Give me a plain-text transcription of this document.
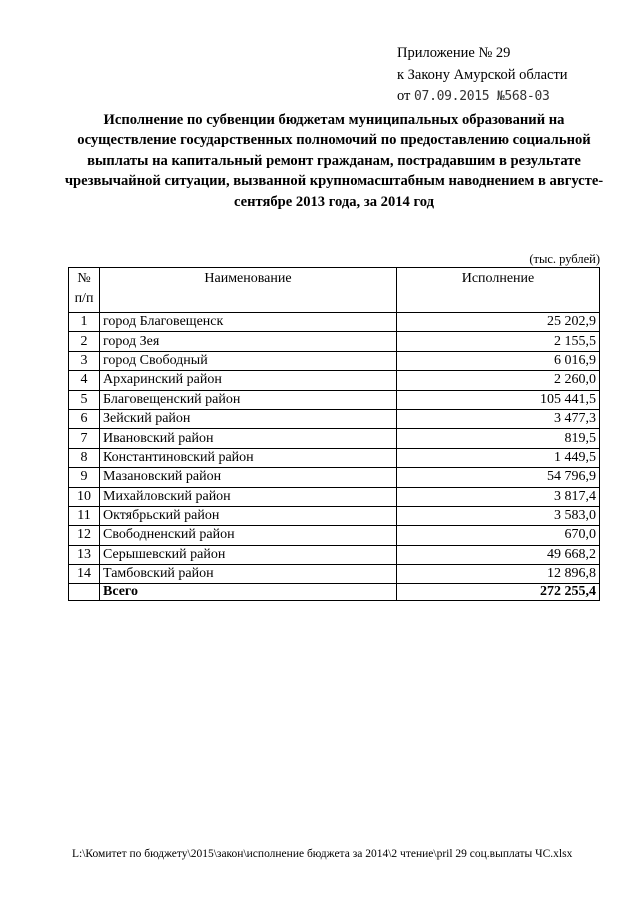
Приложение № 29
к Закону Амурской области
от 07.09.2015 №568-03
Исполнение по субвенции бюджетам муниципальных образований на осуществление государственных полномочий по предоставлению социальной выплаты на капитальный ремонт гражданам, пострадавшим в результате чрезвычайной ситуации, вызванной крупномасштабным наводнением в августе-сентябре 2013 года, за 2014 год
(тыс. рублей)
№
п/п	Наименование	Исполнение
1	город Благовещенск	25 202,9
2	город Зея	2 155,5
3	город Свободный	6 016,9
4	Архаринский район	2 260,0
5	Благовещенский район	105 441,5
6	Зейский район	3 477,3
7	Ивановский район	819,5
8	Константиновский район	1 449,5
9	Мазановский район	54 796,9
10	Михайловский район	3 817,4
11	Октябрьский район	3 583,0
12	Свободненский район	670,0
13	Серышевский район	49 668,2
14	Тамбовский район	12 896,8
	Всего	272 255,4
L:\Комитет по бюджету\2015\закон\исполнение бюджета за 2014\2 чтение\pril 29 соц.выплаты ЧС.xlsx
